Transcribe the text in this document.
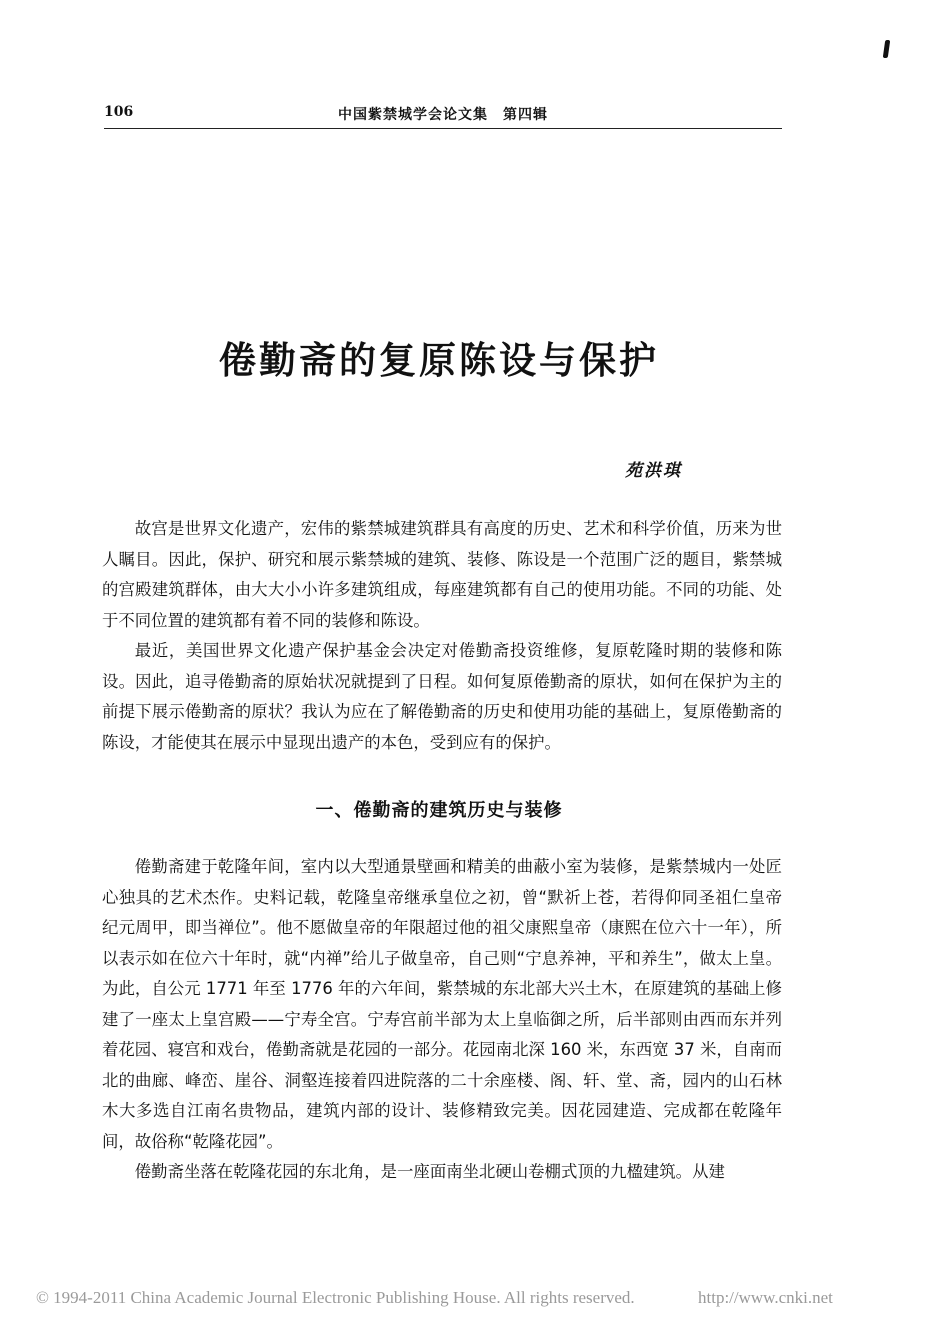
106	中国紫禁城学会论文集　第四辑
倦勤斋的复原陈设与保护
苑洪琪

故宫是世界文化遗产，宏伟的紫禁城建筑群具有高度的历史、艺术和科学价值，历来为世人瞩目。因此，保护、研究和展示紫禁城的建筑、装修、陈设是一个范围广泛的题目，紫禁城的宫殿建筑群体，由大大小小许多建筑组成，每座建筑都有自己的使用功能。不同的功能、处于不同位置的建筑都有着不同的装修和陈设。

最近，美国世界文化遗产保护基金会决定对倦勤斋投资维修，复原乾隆时期的装修和陈设。因此，追寻倦勤斋的原始状况就提到了日程。如何复原倦勤斋的原状，如何在保护为主的前提下展示倦勤斋的原状？我认为应在了解倦勤斋的历史和使用功能的基础上，复原倦勤斋的陈设，才能使其在展示中显现出遗产的本色，受到应有的保护。

一、倦勤斋的建筑历史与装修

倦勤斋建于乾隆年间，室内以大型通景壁画和精美的曲蔽小室为装修，是紫禁城内一处匠心独具的艺术杰作。史料记载，乾隆皇帝继承皇位之初，曾“默祈上苍，若得仰同圣祖仁皇帝纪元周甲，即当禅位”。他不愿做皇帝的年限超过他的祖父康熙皇帝（康熙在位六十一年），所以表示如在位六十年时，就“内禅”给儿子做皇帝，自己则“宁息养神，平和养生”，做太上皇。为此，自公元 1771 年至 1776 年的六年间，紫禁城的东北部大兴土木，在原建筑的基础上修建了一座太上皇宫殿——宁寿全宫。宁寿宫前半部为太上皇临御之所，后半部则由西而东并列着花园、寝宫和戏台，倦勤斋就是花园的一部分。花园南北深 160 米，东西宽 37 米，自南而北的曲廊、峰峦、崖谷、洞壑连接着四进院落的二十余座楼、阁、轩、堂、斋，园内的山石林木大多选自江南名贵物品，建筑内部的设计、装修精致完美。因花园建造、完成都在乾隆年间，故俗称“乾隆花园”。

倦勤斋坐落在乾隆花园的东北角，是一座面南坐北硬山卷棚式顶的九楹建筑。从建

© 1994-2011 China Academic Journal Electronic Publishing House. All rights reserved.	http://www.cnki.net
